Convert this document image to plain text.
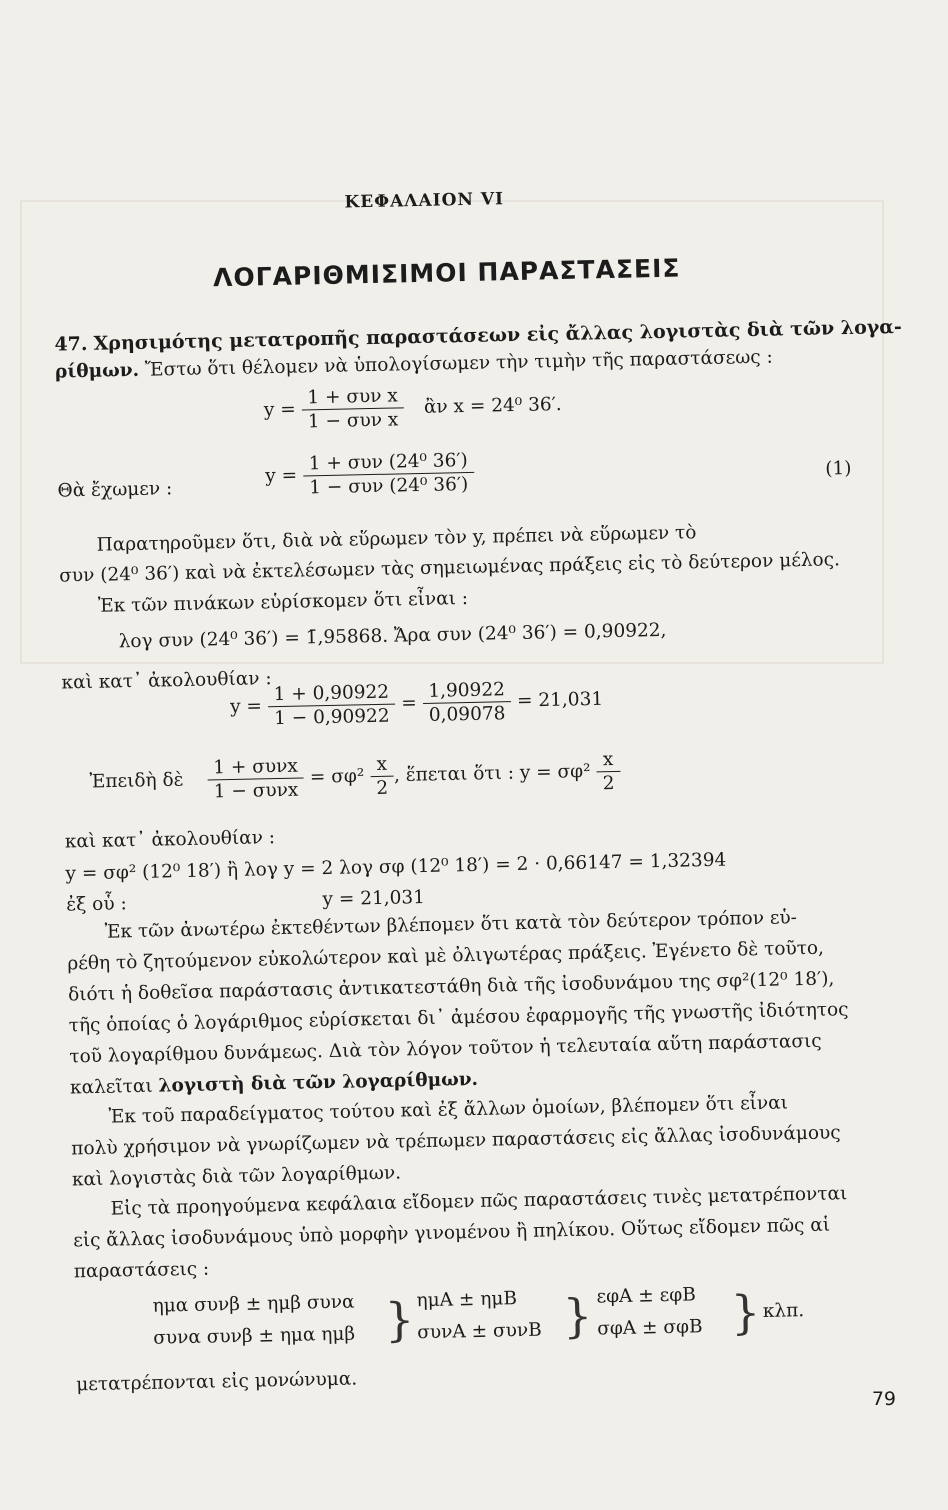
ΚΕΦΑΛΑΙΟΝ VI
ΛΟΓΑΡΙΘΜΙΣΙΜΟΙ ΠΑΡΑΣΤΑΣΕΙΣ
47. Χρησιμότης μετατροπῆς παραστάσεων εἰς ἄλλας λογιστὰς διὰ τῶν λογα-
ρίθμων. Ἔστω ὅτι θέλομεν νὰ ὑπολογίσωμεν τὴν τιμὴν τῆς παραστάσεως :
$y = \frac{\text{1 + συν x}}{\text{1 − συν x}}$ ἂν x = 24⁰ 36′.
Θὰ ἔχωμεν :
$y = \frac{\text{1 + συν (24⁰ 36′)}}{\text{1 − συν (24⁰ 36′)}}$	(1)
Παρατηροῦμεν ὅτι, διὰ νὰ εὕρωμεν τὸν y, πρέπει νὰ εὕρωμεν τὸ
συν (24⁰ 36′) καὶ νὰ ἐκτελέσωμεν τὰς σημειωμένας πράξεις εἰς τὸ δεύτερον μέλος.
Ἐκ τῶν πινάκων εὑρίσκομεν ὅτι εἶναι :
λογ συν (24⁰ 36′) = 1̄,95868. Ἄρα συν (24⁰ 36′) = 0,90922,
καὶ κατ᾽ ἀκολουθίαν :
$y = \frac{1 + 0,90922}{1 - 0,90922} = \frac{1,90922}{0,09078} = 21,031$
Ἐπειδὴ δὲ $\frac{\text{1 + συνx}}{\text{1 − συνx}} = \sigma\varphi^2 \frac{x}{2}$ , ἕπεται ὅτι : $y = \sigma\varphi^2 \frac{x}{2}$
καὶ κατ᾽ ἀκολουθίαν :
y = σφ² (12⁰ 18′) ἢ λογ y = 2 λογ σφ (12⁰ 18′) = 2 · 0,66147 = 1,32394
ἐξ οὗ :	y = 21,031
Ἐκ τῶν ἀνωτέρω ἐκτεθέντων βλέπομεν ὅτι κατὰ τὸν δεύτερον τρόπον εὑ-
ρέθη τὸ ζητούμενον εὐκολώτερον καὶ μὲ ὀλιγωτέρας πράξεις. Ἐγένετο δὲ τοῦτο,
διότι ἡ δοθεῖσα παράστασις ἀντικατεστάθη διὰ τῆς ἰσοδυνάμου της σφ²(12⁰ 18′),
τῆς ὁποίας ὁ λογάριθμος εὑρίσκεται δι᾽ ἀμέσου ἐφαρμογῆς τῆς γνωστῆς ἰδιότητος
τοῦ λογαρίθμου δυνάμεως. Διὰ τὸν λόγον τοῦτον ἡ τελευταία αὕτη παράστασις
καλεῖται λογιστὴ διὰ τῶν λογαρίθμων.
Ἐκ τοῦ παραδείγματος τούτου καὶ ἐξ ἄλλων ὁμοίων, βλέπομεν ὅτι εἶναι
πολὺ χρήσιμον νὰ γνωρίζωμεν νὰ τρέπωμεν παραστάσεις εἰς ἄλλας ἰσοδυνάμους
καὶ λογιστὰς διὰ τῶν λογαρίθμων.
Εἰς τὰ προηγούμενα κεφάλαια εἴδομεν πῶς παραστάσεις τινὲς μετατρέπονται
εἰς ἄλλας ἰσοδυνάμους ὑπὸ μορφὴν γινομένου ἢ πηλίκου. Οὕτως εἴδομεν πῶς αἱ
παραστάσεις :
ημα συνβ ± ημβ συνα
συνα συνβ ± ημα ημβ } ημΑ ± ημΒ
συνΑ ± συνΒ } εφΑ ± εφΒ
σφΑ ± σφΒ } κλπ.
μετατρέπονται εἰς μονώνυμα.
79
